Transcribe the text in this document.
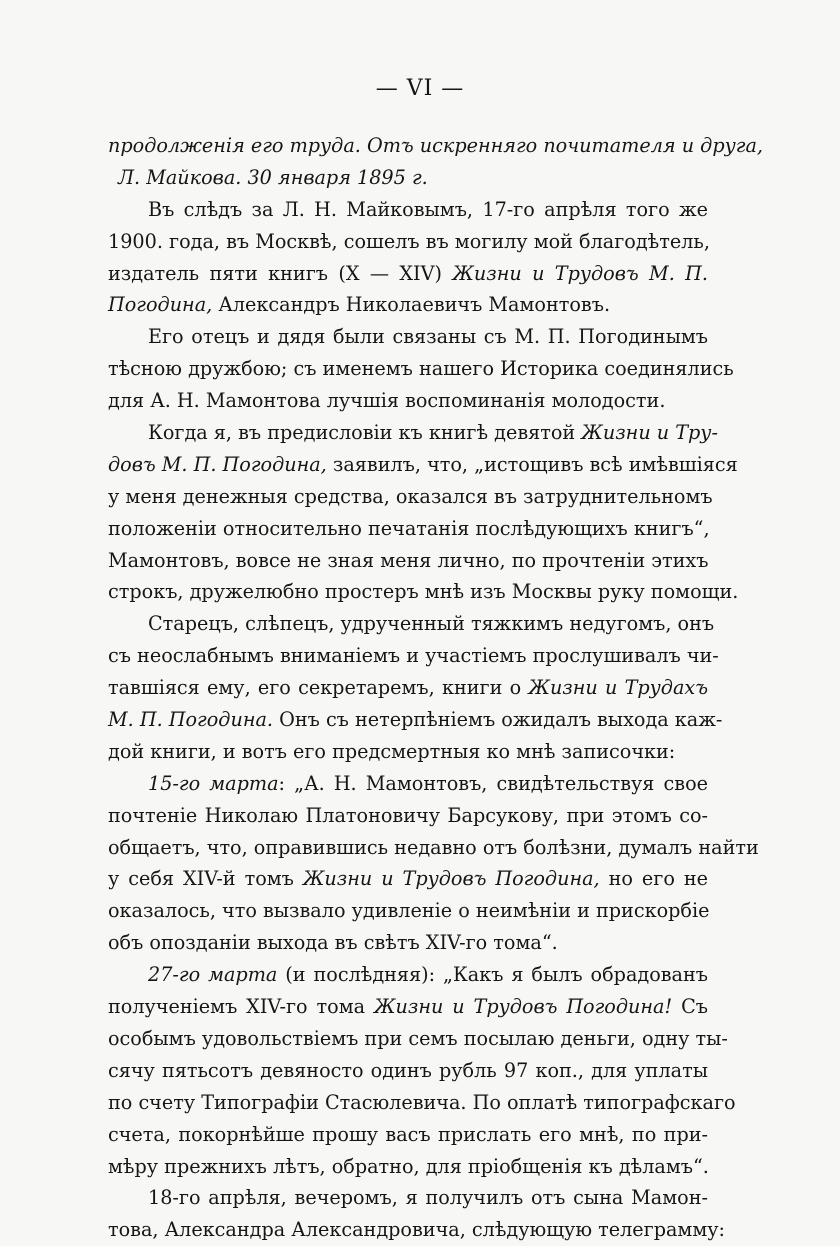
— VI —
продолженія его труда. Отъ искренняго почитателя и друга,
Л. Майкова. 30 января 1895 г.
Въ слѣдъ за Л. Н. Майковымъ, 17-го апрѣля того же
1900. года, въ Москвѣ, сошелъ въ могилу мой благодѣтель,
издатель пяти книгъ (X — XIV) Жизни и Трудовъ М. П.
Погодина, Александръ Николаевичъ Мамонтовъ.
Его отецъ и дядя были связаны съ М. П. Погодинымъ
тѣсною дружбою; съ именемъ нашего Историка соединялись
для А. Н. Мамонтова лучшія воспоминанія молодости.
Когда я, въ предисловіи къ книгѣ девятой Жизни и Тру-
довъ М. П. Погодина, заявилъ, что, „истощивъ всѣ имѣвшіяся
у меня денежныя средства, оказался въ затруднительномъ
положеніи относительно печатанія послѣдующихъ книгъ“,
Мамонтовъ, вовсе не зная меня лично, по прочтеніи этихъ
строкъ, дружелюбно простеръ мнѣ изъ Москвы руку помощи.
Старецъ, слѣпецъ, удрученный тяжкимъ недугомъ, онъ
съ неослабнымъ вниманіемъ и участіемъ прослушивалъ чи-
тавшіяся ему, его секретаремъ, книги о Жизни и Трудахъ
М. П. Погодина. Онъ съ нетерпѣніемъ ожидалъ выхода каж-
дой книги, и вотъ его предсмертныя ко мнѣ записочки:
15-го марта: „А. Н. Мамонтовъ, свидѣтельствуя свое
почтеніе Николаю Платоновичу Барсукову, при этомъ со-
общаетъ, что, оправившись недавно отъ болѣзни, думалъ найти
у себя XIV-й томъ Жизни и Трудовъ Погодина, но его не
оказалось, что вызвало удивленіе о неимѣніи и прискорбіе
объ опозданіи выхода въ свѣтъ XIV-го тома“.
27-го марта (и послѣдняя): „Какъ я былъ обрадованъ
полученіемъ XIV-го тома Жизни и Трудовъ Погодина! Съ
особымъ удовольствіемъ при семъ посылаю деньги, одну ты-
сячу пятьсотъ девяносто одинъ рубль 97 коп., для уплаты
по счету Типографіи Стасюлевича. По оплатѣ типографскаго
счета, покорнѣйше прошу васъ прислать его мнѣ, по при-
мѣру прежнихъ лѣтъ, обратно, для пріобщенія къ дѣламъ“.
18-го апрѣля, вечеромъ, я получилъ отъ сына Мамон-
това, Александра Александровича, слѣдующую телеграмму:
